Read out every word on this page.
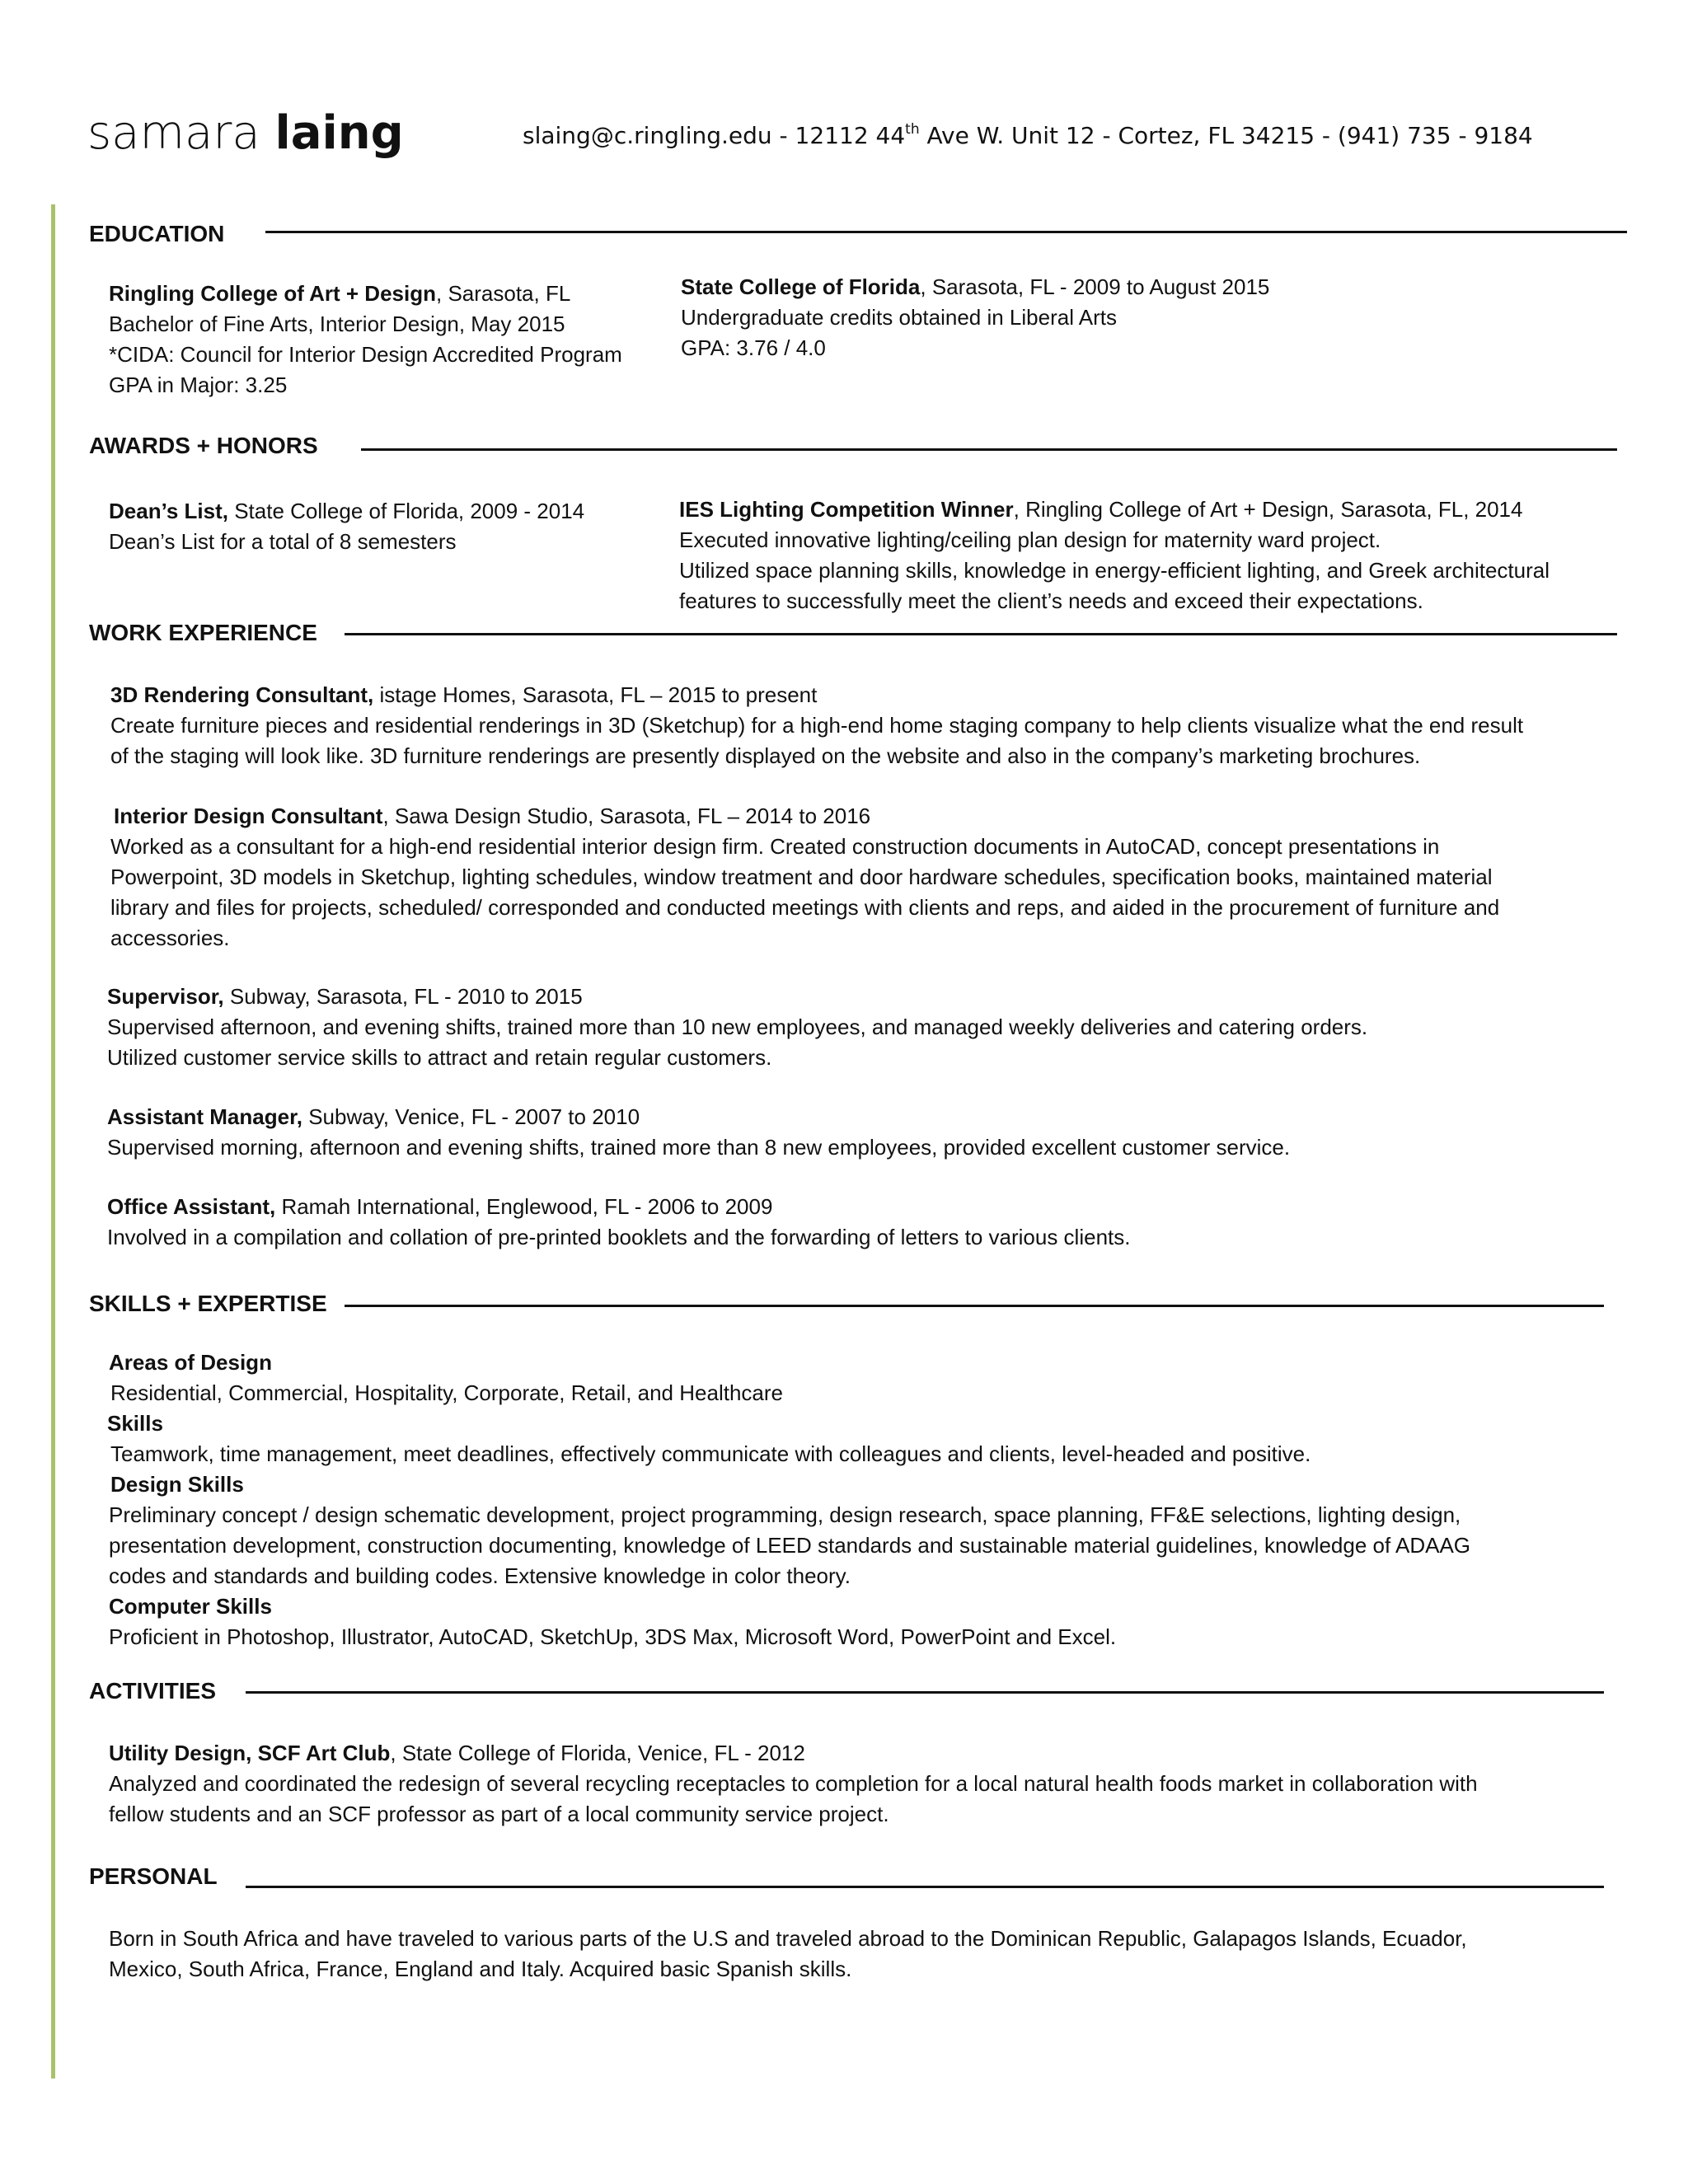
samara laing	slaing@c.ringling.edu - 12112 44th Ave W. Unit 12 - Cortez, FL 34215 - (941) 735 - 9184
EDUCATION

Ringling College of Art + Design, Sarasota, FL

Bachelor of Fine Arts, Interior Design, May 2015

*CIDA: Council for Interior Design Accredited Program

GPA in Major: 3.25

State College of Florida, Sarasota, FL - 2009 to August 2015

Undergraduate credits obtained in Liberal Arts

GPA: 3.76 / 4.0

AWARDS + HONORS

Dean’s List, State College of Florida, 2009 - 2014

Dean’s List for a total of 8 semesters

IES Lighting Competition Winner, Ringling College of Art + Design, Sarasota, FL, 2014

Executed innovative lighting/ceiling plan design for maternity ward project.

Utilized space planning skills, knowledge in energy-efficient lighting, and Greek architectural

features to successfully meet the client’s needs and exceed their expectations.

WORK EXPERIENCE

3D Rendering Consultant, istage Homes, Sarasota, FL – 2015 to present

Create furniture pieces and residential renderings in 3D (Sketchup) for a high-end home staging company to help clients visualize what the end result

of the staging will look like. 3D furniture renderings are presently displayed on the website and also in the company’s marketing brochures.

Interior Design Consultant, Sawa Design Studio, Sarasota, FL – 2014 to 2016

Worked as a consultant for a high-end residential interior design firm. Created construction documents in AutoCAD, concept presentations in

Powerpoint, 3D models in Sketchup, lighting schedules, window treatment and door hardware schedules, specification books, maintained material

library and files for projects, scheduled/ corresponded and conducted meetings with clients and reps, and aided in the procurement of furniture and

accessories.

Supervisor, Subway, Sarasota, FL - 2010 to 2015

Supervised afternoon, and evening shifts, trained more than 10 new employees, and managed weekly deliveries and catering orders.

Utilized customer service skills to attract and retain regular customers.

Assistant Manager, Subway, Venice, FL - 2007 to 2010

Supervised morning, afternoon and evening shifts, trained more than 8 new employees, provided excellent customer service.

Office Assistant, Ramah International, Englewood, FL - 2006 to 2009

Involved in a compilation and collation of pre-printed booklets and the forwarding of letters to various clients.

SKILLS + EXPERTISE

Areas of Design

Residential, Commercial, Hospitality, Corporate, Retail, and Healthcare

Skills

Teamwork, time management, meet deadlines, effectively communicate with colleagues and clients, level-headed and positive.

Design Skills

Preliminary concept / design schematic development, project programming, design research, space planning, FF&E selections, lighting design,

presentation development, construction documenting, knowledge of LEED standards and sustainable material guidelines, knowledge of ADAAG

codes and standards and building codes. Extensive knowledge in color theory.

Computer Skills

Proficient in Photoshop, Illustrator, AutoCAD, SketchUp, 3DS Max, Microsoft Word, PowerPoint and Excel.

ACTIVITIES

Utility Design, SCF Art Club, State College of Florida, Venice, FL - 2012

Analyzed and coordinated the redesign of several recycling receptacles to completion for a local natural health foods market in collaboration with

fellow students and an SCF professor as part of a local community service project.

PERSONAL

Born in South Africa and have traveled to various parts of the U.S and traveled abroad to the Dominican Republic, Galapagos Islands, Ecuador,

Mexico, South Africa, France, England and Italy. Acquired basic Spanish skills.
